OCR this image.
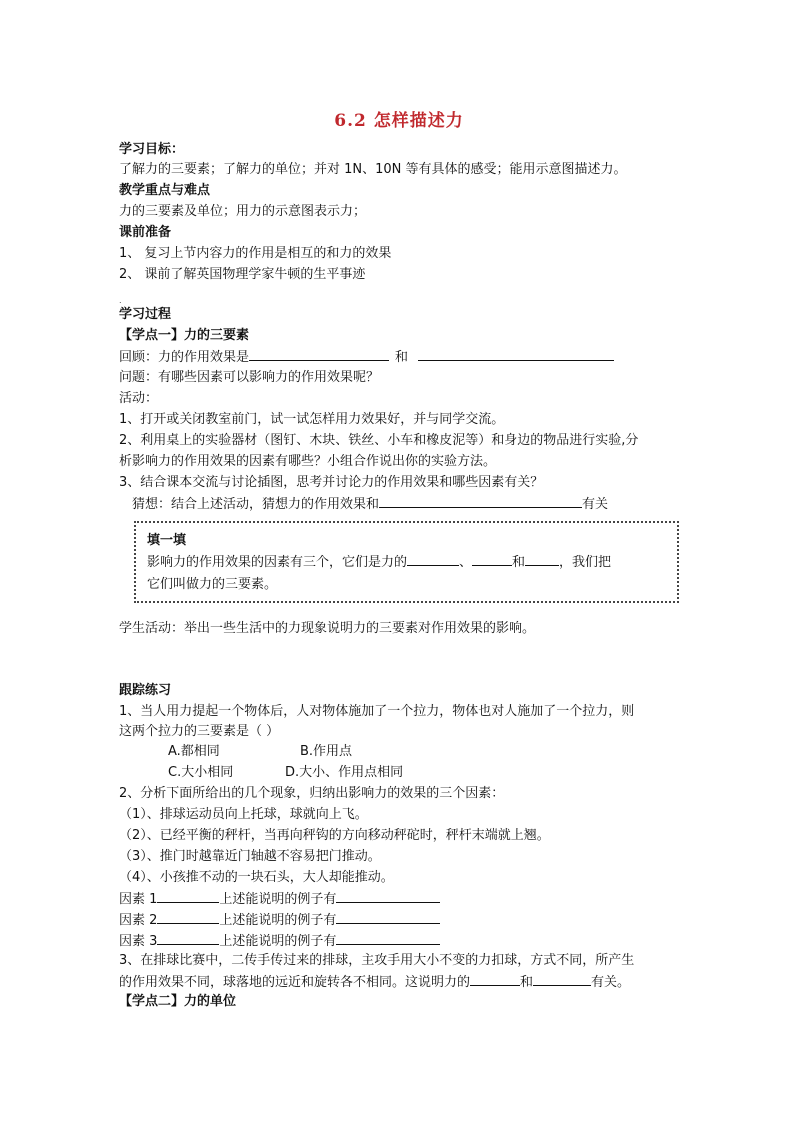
6.2 怎样描述力
学习目标：
了解力的三要素；了解力的单位；并对 1N、10N 等有具体的感受；能用示意图描述力。
教学重点与难点
力的三要素及单位；用力的示意图表示力；
课前准备
1、 复习上节内容力的作用是相互的和力的效果
2、 课前了解英国物理学家牛顿的生平事迹
.
学习过程
【学点一】力的三要素
回顾：力的作用效果是	和
问题：有哪些因素可以影响力的作用效果呢？
活动：
1、打开或关闭教室前门，试一试怎样用力效果好，并与同学交流。
2、利用桌上的实验器材（图钉、木块、铁丝、小车和橡皮泥等）和身边的物品进行实验,分
析影响力的作用效果的因素有哪些？小组合作说出你的实验方法。
3、结合课本交流与讨论插图，思考并讨论力的作用效果和哪些因素有关？
猜想：结合上述活动，猜想力的作用效果和	有关
填一填
影响力的作用效果的因素有三个，它们是力的	、	和	，我们把
它们叫做力的三要素。
学生活动：举出一些生活中的力现象说明力的三要素对作用效果的影响。
跟踪练习
1、当人用力提起一个物体后，人对物体施加了一个拉力，物体也对人施加了一个拉力，则
这两个拉力的三要素是（ ）
A.都相同	B.作用点
C.大小相同	D.大小、作用点相同
2、分析下面所给出的几个现象，归纳出影响力的效果的三个因素：
（1）、排球运动员向上托球，球就向上飞。
（2）、已经平衡的秤杆，当再向秤钩的方向移动秤砣时，秤杆末端就上翘。
（3）、推门时越靠近门轴越不容易把门推动。
（4）、小孩推不动的一块石头，大人却能推动。
因素 1	上述能说明的例子有
因素 2	上述能说明的例子有
因素 3	上述能说明的例子有
3、在排球比赛中，二传手传过来的排球，主攻手用大小不变的力扣球，方式不同，所产生
的作用效果不同，球落地的远近和旋转各不相同。这说明力的	和	有关。
【学点二】力的单位
